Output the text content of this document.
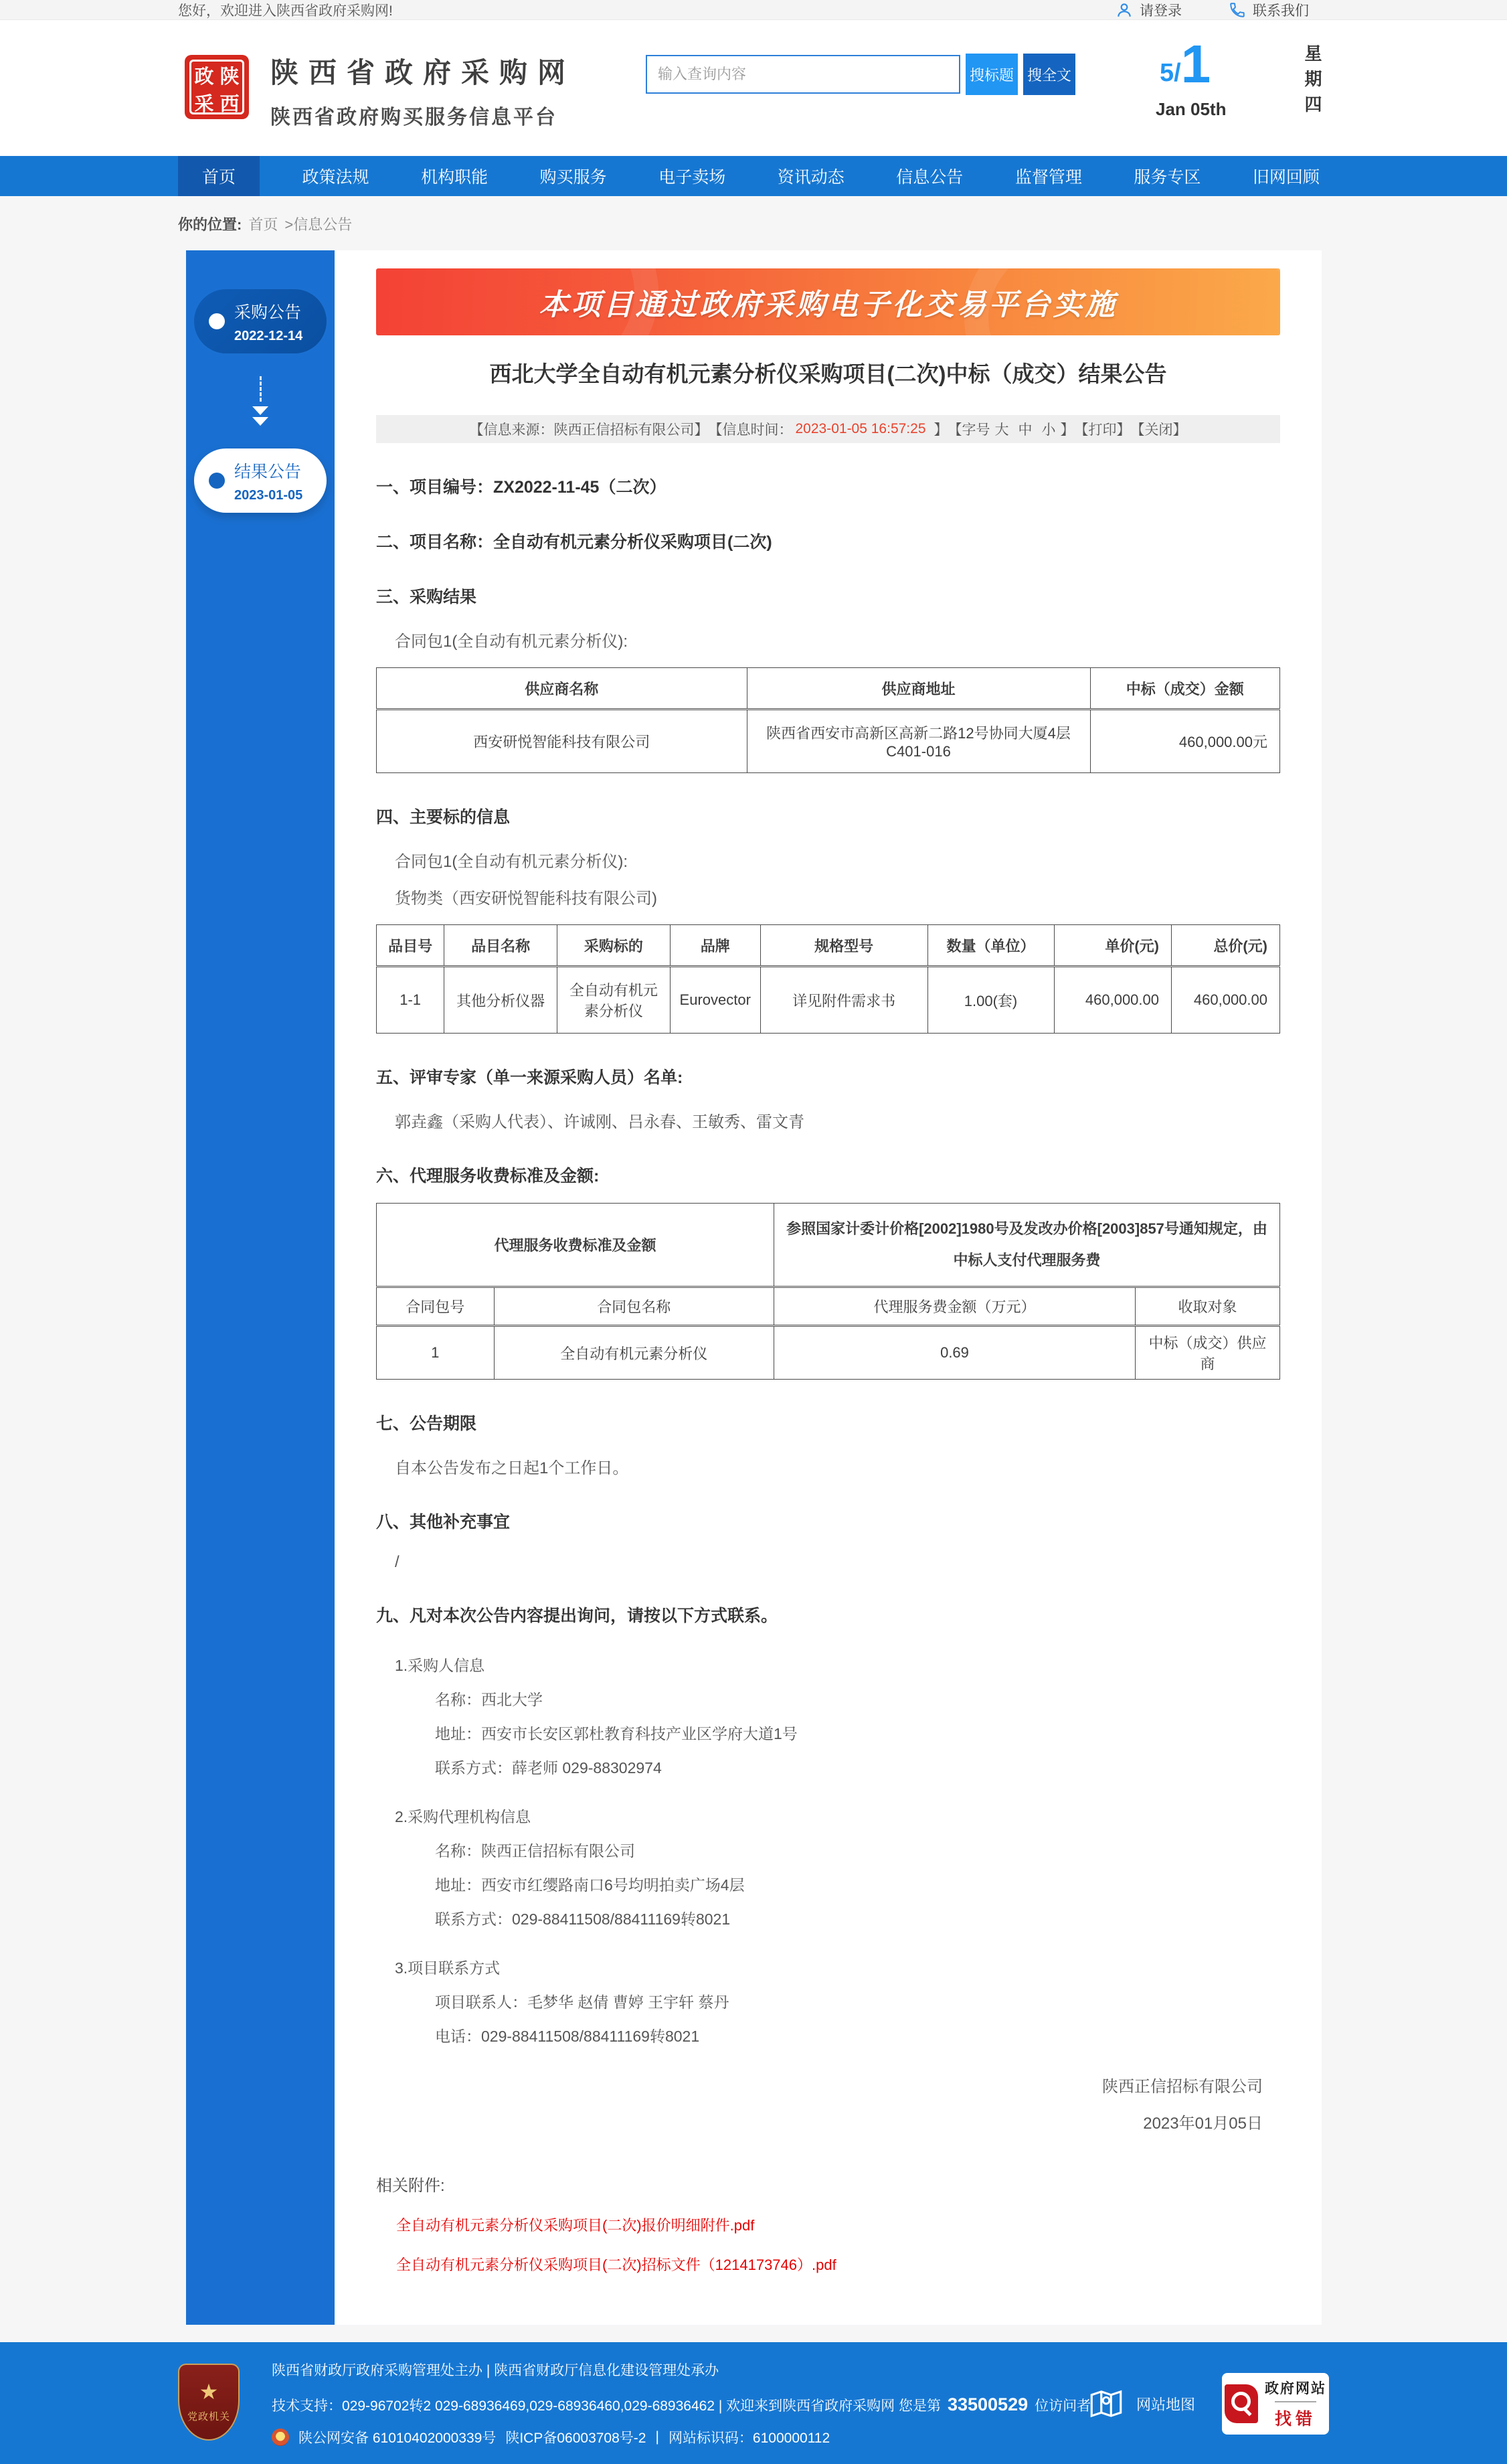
您好，欢迎进入陕西省政府采购网!	请登录	联系我们
政 陕
采 西
陕西省政府采购网
陕西省政府购买服务信息平台
输入查询内容
搜标题 搜全文	5/ 1
Jan 05th	星期四
首页	政策法规	机构职能	购买服务	电子卖场	资讯动态	信息公告	监督管理	服务专区	旧网回顾
你的位置: 首页 >信息公告
采购公告
2022-12-14
结果公告
2023-01-05
本项目通过政府采购电子化交易平台实施
西北大学全自动有机元素分析仪采购项目(二次)中标（成交）结果公告
【信息来源：陕西正信招标有限公司】 【信息时间： 2023-01-05 16:57:25 】 【字号 大 中 小 】 【打印】 【关闭】
一、项目编号：ZX2022-11-45（二次）
二、项目名称：全自动有机元素分析仪采购项目(二次)
三、采购结果

合同包1(全自动有机元素分析仪):

供应商名称	供应商地址	中标（成交）金额
西安研悦智能科技有限公司	陕西省西安市高新区高新二路12号协同大厦4层C401-016	460,000.00元
四、主要标的信息

合同包1(全自动有机元素分析仪):

货物类（西安研悦智能科技有限公司)

品目号	品目名称	采购标的	品牌	规格型号	数量（单位）	单价(元)	总价(元)
1-1	其他分析仪器	全自动有机元素分析仪	Eurovector	详见附件需求书	1.00(套)	460,000.00	460,000.00
五、评审专家（单一来源采购人员）名单:

郭垚鑫（采购人代表）、许诚刚、吕永春、王敏秀、雷文青

六、代理服务收费标准及金额:
代理服务收费标准及金额		参照国家计委计价格[2002]1980号及发改办价格[2003]857号通知规定，由中标人支付代理服务费	
合同包号	合同包名称	代理服务费金额（万元）	收取对象
1	全自动有机元素分析仪	0.69	中标（成交）供应商
七、公告期限

自本公告发布之日起1个工作日。

八、其他补充事宜

/

九、凡对本次公告内容提出询问，请按以下方式联系。

1.采购人信息

名称：西北大学

地址：西安市长安区郭杜教育科技产业区学府大道1号

联系方式：薛老师 029-88302974

2.采购代理机构信息

名称：陕西正信招标有限公司

地址：西安市红缨路南口6号均明拍卖广场4层

联系方式：029-88411508/88411169转8021

3.项目联系方式

项目联系人：毛梦华 赵倩 曹婷 王宇轩 蔡丹

电话：029-88411508/88411169转8021

陕西正信招标有限公司

2023年01月05日

相关附件:

全自动有机元素分析仪采购项目(二次)报价明细附件.pdf
全自动有机元素分析仪采购项目(二次)招标文件（1214173746）.pdf
★
党政机关

陕西省财政厅政府采购管理处主办 | 陕西省财政厅信息化建设管理处承办

技术支持：029-96702转2 029-68936469,029-68936460,029-68936462 | 欢迎来到陕西省政府采购网 您是第 33500529 位访问者

陕公网安备 61010402000339号 陕ICP备06003708号-2 | 网站标识码：6100000112

网站地图
政府网站
找错
